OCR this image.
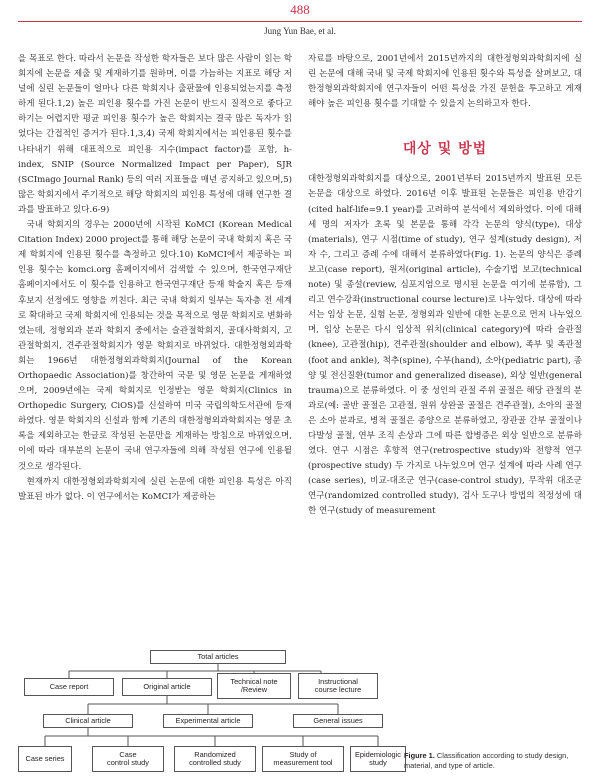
488
Jung Yun Bae, et al.

을 목표로 한다. 따라서 논문을 작성한 학자들은 보다 많은 사람이 읽는 학회지에 논문을 제출 및 게재하기를 원하며, 이를 가늠하는 지표로 해당 저널에 실린 논문들이 얼마나 다른 학회지나 출판물에 인용되었는지를 측정하게 된다.1,2) 높은 피인용 횟수를 가진 논문이 반드시 질적으로 좋다고 하기는 어렵지만 평균 피인용 횟수가 높은 학회지는 결국 많은 독자가 읽었다는 간접적인 증거가 된다.1,3,4) 국제 학회지에서는 피인용된 횟수를 나타내기 위해 대표적으로 피인용 지수(impact factor)를 포함, h-index, SNIP (Source Normalized Impact per Paper), SJR (SCImago Journal Rank) 등의 여러 지표들을 매년 공지하고 있으며,5) 많은 학회지에서 주기적으로 해당 학회지의 피인용 특성에 대해 연구한 결과를 발표하고 있다.6-9)

국내 학회지의 경우는 2000년에 시작된 KoMCI (Korean Medical Citation Index) 2000 project를 통해 해당 논문이 국내 학회지 혹은 국제 학회지에 인용된 횟수를 측정하고 있다.10) KoMCI에서 제공하는 피인용 횟수는 komci.org 홈페이지에서 검색할 수 있으며, 한국연구재단 홈페이지에서도 이 횟수를 인용하고 한국연구재단 등재 학술지 혹은 등재 후보지 선정에도 영향을 끼친다. 최근 국내 학회지 일부는 독자층 전 세계로 확대하고 국제 학회지에 인용되는 것을 목적으로 영문 학회지로 변화하였는데, 정형외과 분과 학회지 중에서는 슬관절학회지, 골대사학회지, 고관절학회지, 견주관절학회지가 영문 학회지로 바뀌었다. 대한정형외과학회는 1966년 대한정형외과학회지(Journal of the Korean Orthopaedic Association)를 창간하여 국문 및 영문 논문을 게재하였으며, 2009년에는 국제 학회지로 인정받는 영문 학회지(Clinics in Orthopedic Surgery, CiOS)를 신설하여 미국 국립의학도서관에 등재하였다. 영문 학회지의 신설과 함께 기존의 대한정형외과학회지는 영문 초록을 제외하고는 한글로 작성된 논문만을 게재하는 방침으로 바뀌었으며, 이에 따라 대부분의 논문이 국내 연구자들에 의해 작성된 연구에 인용될 것으로 생각된다.

현재까지 대한정형외과학회지에 실린 논문에 대한 피인용 특성은 아직 발표된 바가 없다. 이 연구에서는 KoMCI가 제공하는

자료를 바탕으로, 2001년에서 2015년까지의 대한정형외과학회지에 실린 논문에 대해 국내 및 국제 학회지에 인용된 횟수와 특성을 살펴보고, 대한정형외과학회지에 연구자들이 어떤 특성을 가진 문헌을 투고하고 게재해야 높은 피인용 횟수를 기대할 수 있을지 논의하고자 한다.

대상 및 방법

대한정형외과학회지를 대상으로, 2001년부터 2015년까지 발표된 모든 논문을 대상으로 하였다. 2016년 이후 발표된 논문들은 피인용 반감기(cited half-life=9.1 year)를 고려하여 분석에서 제외하였다. 이에 대해 세 명의 저자가 초록 및 본문을 통해 각각 논문의 양식(type), 대상(materials), 연구 시점(time of study), 연구 설계(study design), 저자 수, 그리고 증례 수에 대해서 분류하였다(Fig. 1). 논문의 양식은 증례 보고(case report), 원저(original article), 수술기법 보고(technical note) 및 종설(review, 심포지엄으로 명시된 논문을 여기에 분류함), 그리고 연수강좌(instructional course lecture)로 나누었다. 대상에 따라서는 임상 논문, 실험 논문, 정형외과 일반에 대한 논문으로 먼저 나누었으며, 임상 논문은 다시 임상적 위치(clinical category)에 따라 슬관절(knee), 고관절(hip), 견주관절(shoulder and elbow), 족부 및 족관절(foot and ankle), 척추(spine), 수부(hand), 소아(pediatric part), 종양 및 전신질환(tumor and generalized disease), 외상 일반(general trauma)으로 분류하였다. 이 중 성인의 관절 주위 골절은 해당 관절의 분과로(예: 골반 골절은 고관절, 원위 상완골 골절은 견주관절), 소아의 골절은 소아 분과로, 병적 골절은 종양으로 분류하였고, 장관골 간부 골절이나 다발성 골절, 연부 조직 손상과 그에 따른 합병증은 외상 일반으로 분류하였다. 연구 시점은 후향적 연구(retrospective study)와 전향적 연구(prospective study) 두 가지로 나누었으며 연구 설계에 따라 사례 연구(case series), 비교-대조군 연구(case-control study), 무작위 대조군 연구(randomized controlled study), 검사 도구나 방법의 적정성에 대한 연구(study of measurement

Total articles
Case report	Original article
Technical note
/Review
Instructional
course lecture
Clinical article	Experimental article	General issues
Case series	Case
control study
Randomized
controlled study
Study of
measurement tool
Epidemiologic
study
Figure 1. Classification according to study design, material, and type of article.
